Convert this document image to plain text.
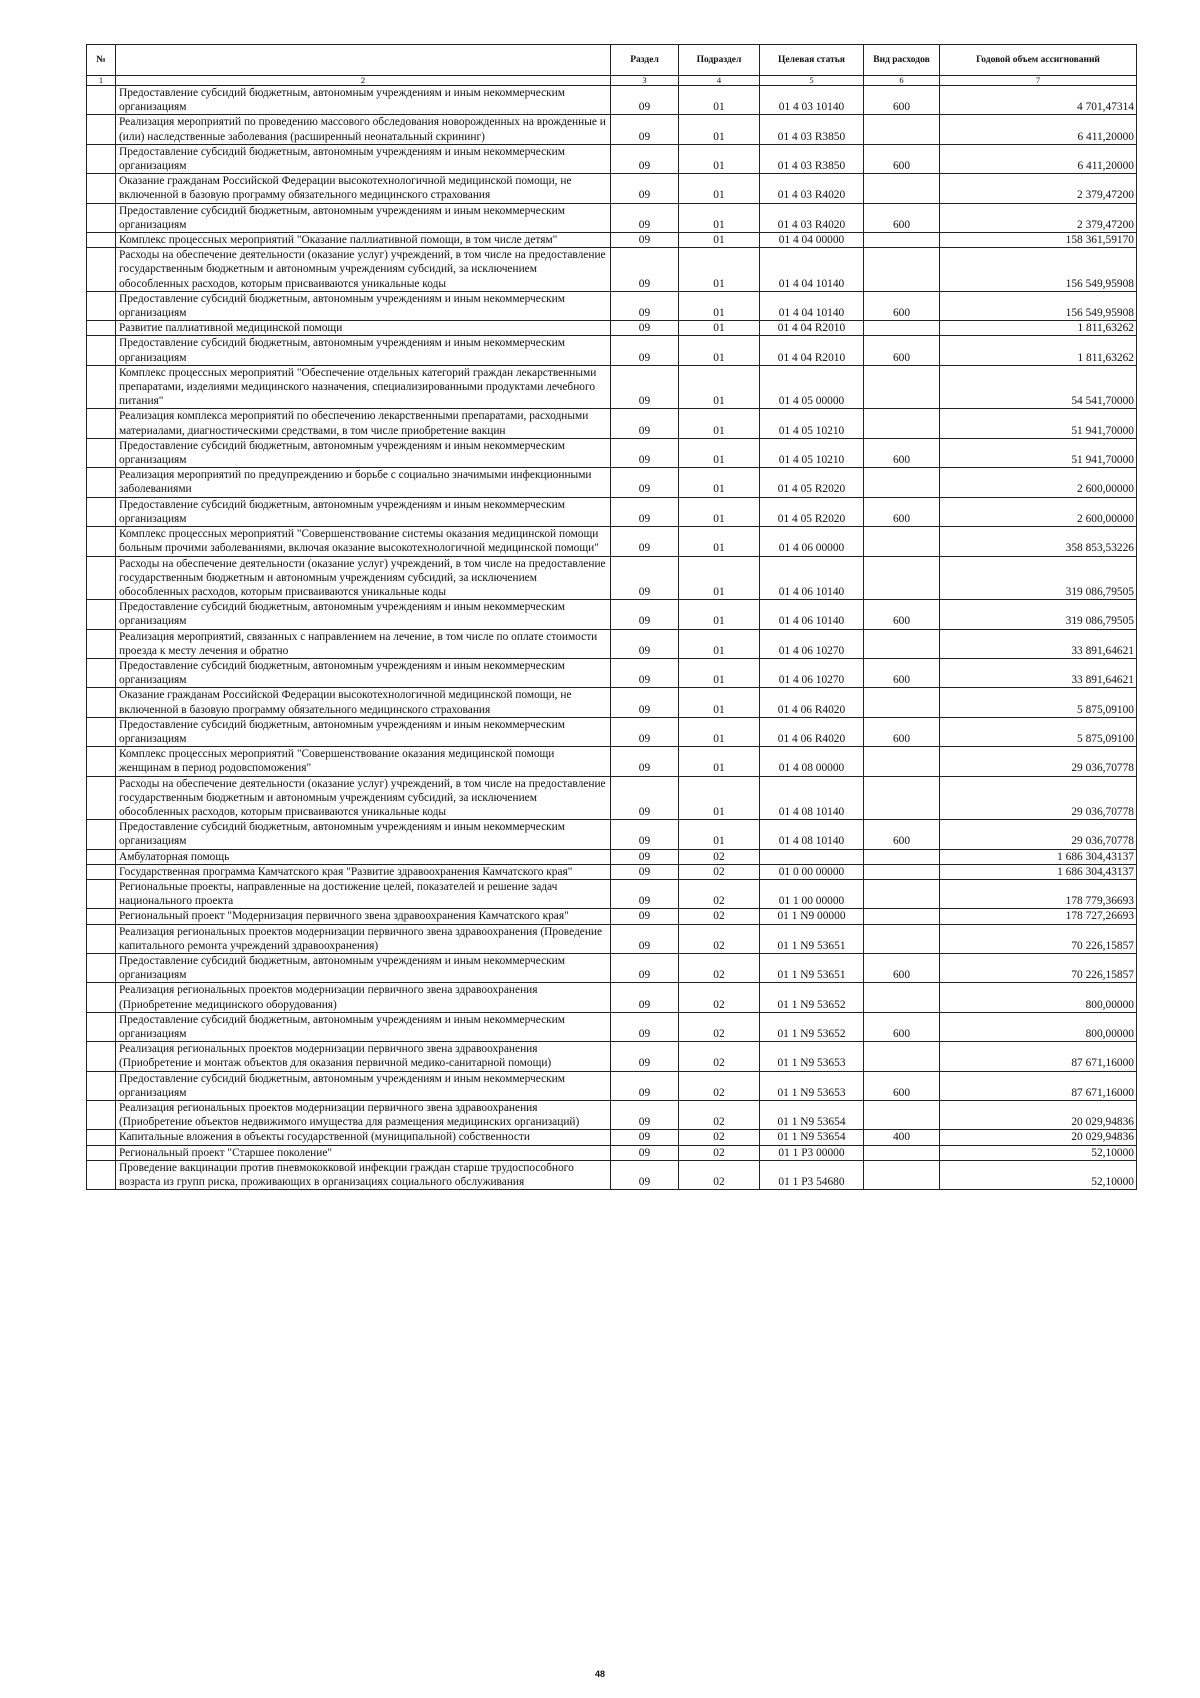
№		Раздел	Подраздел	Целевая статья	Вид расходов	Годовой объем ассигнований
1	2	3	4	5	6	7
	Предоставление субсидий бюджетным, автономным учреждениям и иным некоммерческим организациям	09	01	01 4 03 10140	600	4 701,47314
	Реализация мероприятий по проведению массового обследования новорожденных на врожденные и (или) наследственные заболевания (расширенный неонатальный скрининг)	09	01	01 4 03 R3850		6 411,20000
	Предоставление субсидий бюджетным, автономным учреждениям и иным некоммерческим организациям	09	01	01 4 03 R3850	600	6 411,20000
	Оказание гражданам Российской Федерации высокотехнологичной медицинской помощи, не включенной в базовую программу обязательного медицинского страхования	09	01	01 4 03 R4020		2 379,47200
	Предоставление субсидий бюджетным, автономным учреждениям и иным некоммерческим организациям	09	01	01 4 03 R4020	600	2 379,47200
	Комплекс процессных мероприятий "Оказание паллиативной помощи, в том числе детям"	09	01	01 4 04 00000		158 361,59170
	Расходы на обеспечение деятельности (оказание услуг) учреждений, в том числе на предоставление государственным бюджетным и автономным учреждениям субсидий, за исключением обособленных расходов, которым присваиваются уникальные коды	09	01	01 4 04 10140		156 549,95908
	Предоставление субсидий бюджетным, автономным учреждениям и иным некоммерческим организациям	09	01	01 4 04 10140	600	156 549,95908
	Развитие паллиативной медицинской помощи	09	01	01 4 04 R2010		1 811,63262
	Предоставление субсидий бюджетным, автономным учреждениям и иным некоммерческим организациям	09	01	01 4 04 R2010	600	1 811,63262
	Комплекс процессных мероприятий "Обеспечение отдельных категорий граждан лекарственными препаратами, изделиями медицинского назначения, специализированными продуктами лечебного питания"	09	01	01 4 05 00000		54 541,70000
	Реализация комплекса мероприятий по обеспечению лекарственными препаратами, расходными материалами, диагностическими средствами, в том числе приобретение вакцин	09	01	01 4 05 10210		51 941,70000
	Предоставление субсидий бюджетным, автономным учреждениям и иным некоммерческим организациям	09	01	01 4 05 10210	600	51 941,70000
	Реализация мероприятий по предупреждению и борьбе с социально значимыми инфекционными заболеваниями	09	01	01 4 05 R2020		2 600,00000
	Предоставление субсидий бюджетным, автономным учреждениям и иным некоммерческим организациям	09	01	01 4 05 R2020	600	2 600,00000
	Комплекс процессных мероприятий "Совершенствование системы оказания медицинской помощи больным прочими заболеваниями, включая оказание высокотехнологичной медицинской помощи"	09	01	01 4 06 00000		358 853,53226
	Расходы на обеспечение деятельности (оказание услуг) учреждений, в том числе на предоставление государственным бюджетным и автономным учреждениям субсидий, за исключением обособленных расходов, которым присваиваются уникальные коды	09	01	01 4 06 10140		319 086,79505
	Предоставление субсидий бюджетным, автономным учреждениям и иным некоммерческим организациям	09	01	01 4 06 10140	600	319 086,79505
	Реализация мероприятий, связанных с направлением на лечение, в том числе по оплате стоимости проезда к месту лечения и обратно	09	01	01 4 06 10270		33 891,64621
	Предоставление субсидий бюджетным, автономным учреждениям и иным некоммерческим организациям	09	01	01 4 06 10270	600	33 891,64621
	Оказание гражданам Российской Федерации высокотехнологичной медицинской помощи, не включенной в базовую программу обязательного медицинского страхования	09	01	01 4 06 R4020		5 875,09100
	Предоставление субсидий бюджетным, автономным учреждениям и иным некоммерческим организациям	09	01	01 4 06 R4020	600	5 875,09100
	Комплекс процессных мероприятий "Совершенствование оказания медицинской помощи женщинам в период родовспоможения"	09	01	01 4 08 00000		29 036,70778
	Расходы на обеспечение деятельности (оказание услуг) учреждений, в том числе на предоставление государственным бюджетным и автономным учреждениям субсидий, за исключением обособленных расходов, которым присваиваются уникальные коды	09	01	01 4 08 10140		29 036,70778
	Предоставление субсидий бюджетным, автономным учреждениям и иным некоммерческим организациям	09	01	01 4 08 10140	600	29 036,70778
	Амбулаторная помощь	09	02			1 686 304,43137
	Государственная программа Камчатского края "Развитие здравоохранения Камчатского края"	09	02	01 0 00 00000		1 686 304,43137
	Региональные проекты, направленные на достижение целей, показателей и решение задач национального проекта	09	02	01 1 00 00000		178 779,36693
	Региональный проект "Модернизация первичного звена здравоохранения Камчатского края"	09	02	01 1 N9 00000		178 727,26693
	Реализация региональных проектов модернизации первичного звена здравоохранения (Проведение капитального ремонта учреждений здравоохранения)	09	02	01 1 N9 53651		70 226,15857
	Предоставление субсидий бюджетным, автономным учреждениям и иным некоммерческим организациям	09	02	01 1 N9 53651	600	70 226,15857
	Реализация региональных проектов модернизации первичного звена здравоохранения (Приобретение медицинского оборудования)	09	02	01 1 N9 53652		800,00000
	Предоставление субсидий бюджетным, автономным учреждениям и иным некоммерческим организациям	09	02	01 1 N9 53652	600	800,00000
	Реализация региональных проектов модернизации первичного звена здравоохранения (Приобретение и монтаж объектов для оказания первичной медико-санитарной помощи)	09	02	01 1 N9 53653		87 671,16000
	Предоставление субсидий бюджетным, автономным учреждениям и иным некоммерческим организациям	09	02	01 1 N9 53653	600	87 671,16000
	Реализация региональных проектов модернизации первичного звена здравоохранения (Приобретение объектов недвижимого имущества для размещения медицинских организаций)	09	02	01 1 N9 53654		20 029,94836
	Капитальные вложения в объекты государственной (муниципальной) собственности	09	02	01 1 N9 53654	400	20 029,94836
	Региональный проект "Старшее поколение"	09	02	01 1 P3 00000		52,10000
	Проведение вакцинации против пневмококковой инфекции граждан старше трудоспособного возраста из групп риска, проживающих в организациях социального обслуживания	09	02	01 1 P3 54680		52,10000
48
